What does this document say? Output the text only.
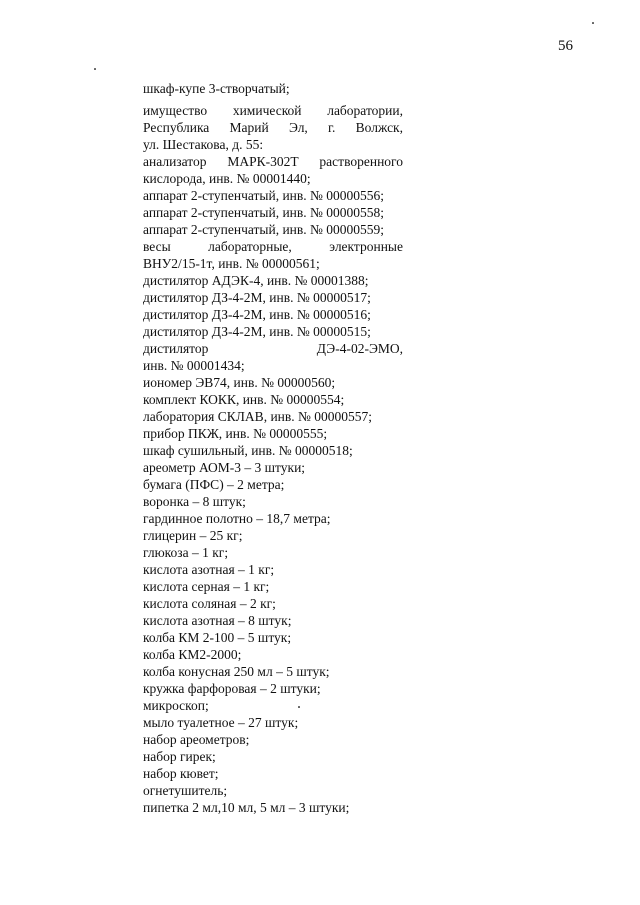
56
шкаф-купе 3-створчатый;
имущество химической лаборатории,
Республика Марий Эл, г. Волжск,
ул. Шестакова, д. 55:
анализатор МАРК-302Т растворенного
кислорода, инв. № 00001440;
аппарат 2-ступенчатый, инв. № 00000556;
аппарат 2-ступенчатый, инв. № 00000558;
аппарат 2-ступенчатый, инв. № 00000559;
весы лабораторные, электронные
ВНУ2/15-1т, инв. № 00000561;
дистилятор АДЭК-4, инв. № 00001388;
дистилятор ДЗ-4-2М, инв. № 00000517;
дистилятор ДЗ-4-2М, инв. № 00000516;
дистилятор ДЗ-4-2М, инв. № 00000515;
дистилятор ДЭ-4-02-ЭМО,
инв. № 00001434;
иономер ЭВ74, инв. № 00000560;
комплект КОКК, инв. № 00000554;
лаборатория СКЛАВ, инв. № 00000557;
прибор ПКЖ, инв. № 00000555;
шкаф сушильный, инв. № 00000518;
ареометр АОМ-3 – 3 штуки;
бумага (ПФС) – 2 метра;
воронка – 8 штук;
гардинное полотно – 18,7 метра;
глицерин – 25 кг;
глюкоза – 1 кг;
кислота азотная – 1 кг;
кислота серная – 1 кг;
кислота соляная – 2 кг;
кислота азотная – 8 штук;
колба КМ 2-100 – 5 штук;
колба КМ2-2000;
колба конусная 250 мл – 5 штук;
кружка фарфоровая – 2 штуки;
микроскоп;
мыло туалетное – 27 штук;
набор ареометров;
набор гирек;
набор кювет;
огнетушитель;
пипетка 2 мл,10 мл, 5 мл – 3 штуки;
